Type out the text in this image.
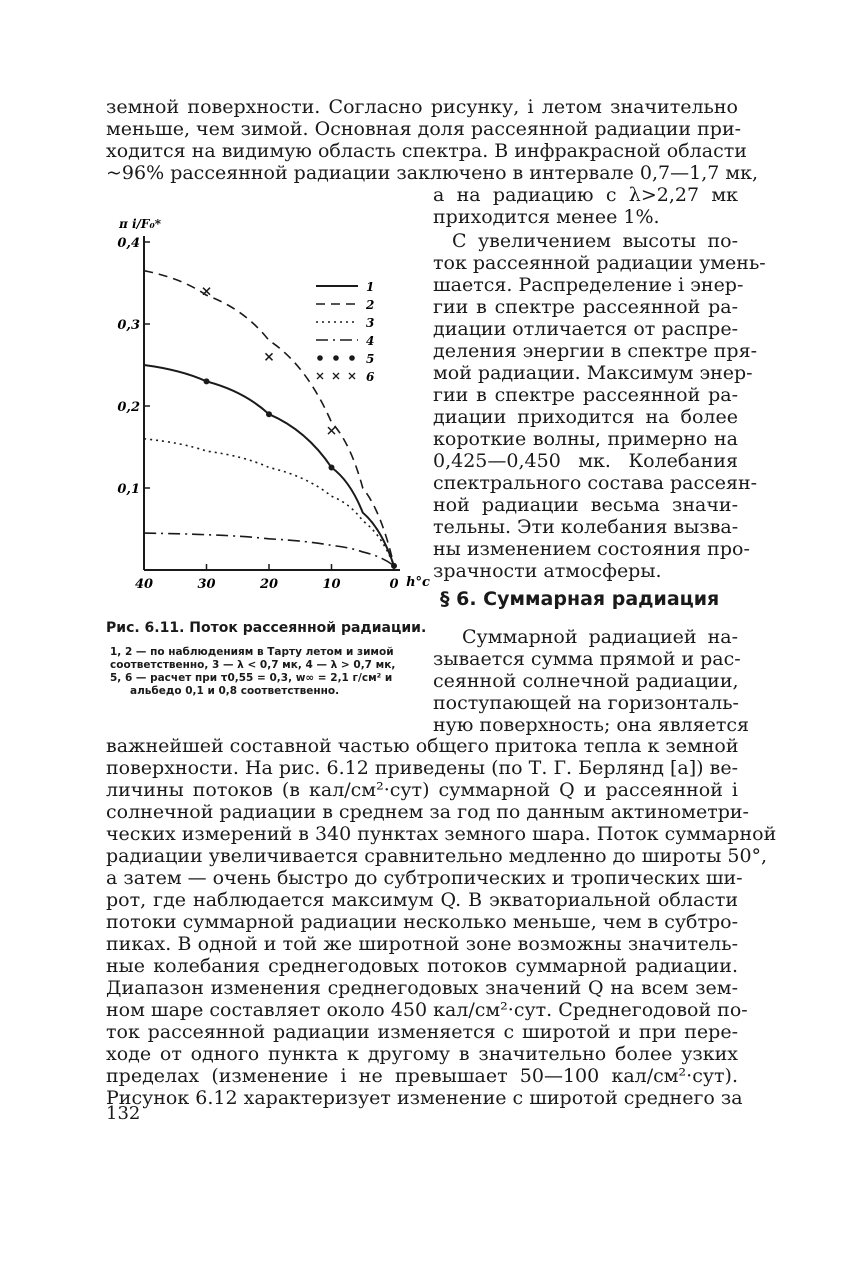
земной поверхности. Согласно рисунку, i летом значительно
меньше, чем зимой. Основная доля рассеянной радиации при-
ходится на видимую область спектра. В инфракрасной области
~96% рассеянной радиации заключено в интервале 0,7—1,7 мк,
а на радиацию с λ>2,27 мк
приходится менее 1%.
С увеличением высоты по-
ток рассеянной радиации умень-
шается. Распределение i энер-
гии в спектре рассеянной ра-
диации отличается от распре-
деления энергии в спектре пря-
мой радиации. Максимум энер-
гии в спектре рассеянной ра-
диации приходится на более
короткие волны, примерно на
0,425—0,450 мк. Колебания
спектрального состава рассеян-
ной радиации весьма значи-
тельны. Эти колебания вызва-
ны изменением состояния про-
зрачности атмосферы.
§ 6. Суммарная радиация
Суммарной радиацией на-
зывается сумма прямой и рас-
сеянной солнечной радиации,
поступающей на горизонталь-
ную поверхность; она является
0,1
0,2
0,3
0,4
40	30	20	10	0 h°c
π i/F₀*
1
2
3
4
5
6
Рис. 6.11. Поток рассеянной радиации.
1, 2 — по наблюдениям в Тарту летом и зимой
соответственно, 3 — λ < 0,7 мк, 4 — λ > 0,7 мк,
5, 6 — расчет при τ0,55 = 0,3, w∞ = 2,1 г/см² и
альбедо 0,1 и 0,8 соответственно.
важнейшей составной частью общего притока тепла к земной
поверхности. На рис. 6.12 приведены (по Т. Г. Берлянд [а]) ве-
личины потоков (в кал/см²·сут) суммарной Q и рассеянной i
солнечной радиации в среднем за год по данным актинометри-
ческих измерений в 340 пунктах земного шара. Поток суммарной
радиации увеличивается сравнительно медленно до широты 50°,
а затем — очень быстро до субтропических и тропических ши-
рот, где наблюдается максимум Q. В экваториальной области
потоки суммарной радиации несколько меньше, чем в субтро-
пиках. В одной и той же широтной зоне возможны значитель-
ные колебания среднегодовых потоков суммарной радиации.
Диапазон изменения среднегодовых значений Q на всем зем-
ном шаре составляет около 450 кал/см²·сут. Среднегодовой по-
ток рассеянной радиации изменяется с широтой и при пере-
ходе от одного пункта к другому в значительно более узких
пределах (изменение i не превышает 50—100 кал/см²·сут).
Рисунок 6.12 характеризует изменение с широтой среднего за
132
